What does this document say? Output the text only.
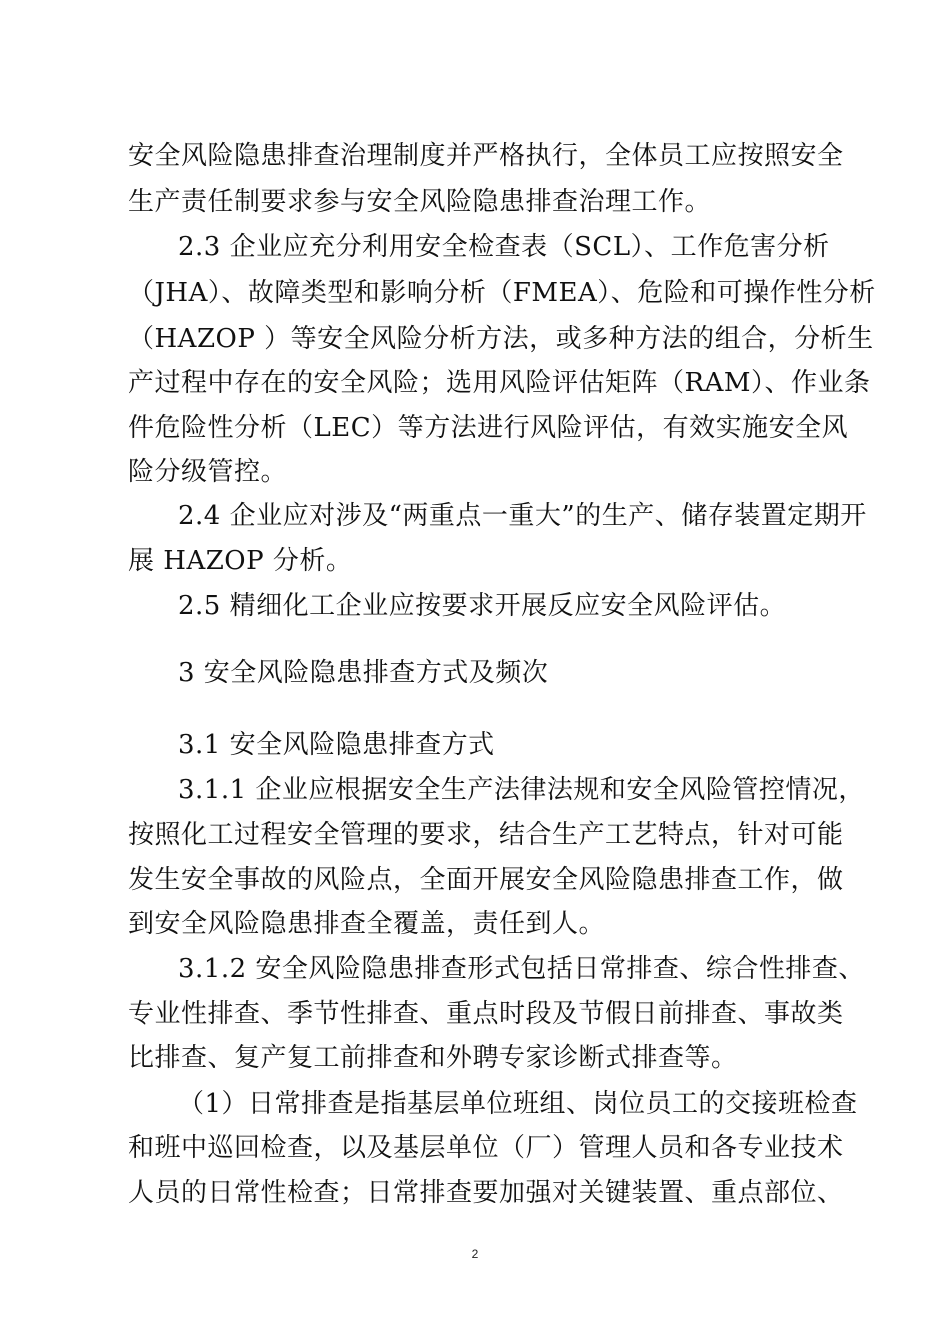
安全风险隐患排查治理制度并严格执行，全体员工应按照安全
生产责任制要求参与安全风险隐患排查治理工作。
2.3 企业应充分利用安全检查表（SCL）、工作危害分析
（JHA）、故障类型和影响分析（FMEA）、危险和可操作性分析
（HAZOP ）等安全风险分析方法，或多种方法的组合，分析生
产过程中存在的安全风险；选用风险评估矩阵（RAM）、作业条
件危险性分析（LEC）等方法进行风险评估，有效实施安全风
险分级管控。
2.4 企业应对涉及“两重点一重大”的生产、储存装置定期开
展 HAZOP 分析。
2.5 精细化工企业应按要求开展反应安全风险评估。
3 安全风险隐患排查方式及频次
3.1 安全风险隐患排查方式
3.1.1 企业应根据安全生产法律法规和安全风险管控情况，
按照化工过程安全管理的要求，结合生产工艺特点，针对可能
发生安全事故的风险点，全面开展安全风险隐患排查工作，做
到安全风险隐患排查全覆盖，责任到人。
3.1.2 安全风险隐患排查形式包括日常排查、综合性排查、
专业性排查、季节性排查、重点时段及节假日前排查、事故类
比排查、复产复工前排查和外聘专家诊断式排查等。
（1）日常排查是指基层单位班组、岗位员工的交接班检查
和班中巡回检查，以及基层单位（厂）管理人员和各专业技术
人员的日常性检查；日常排查要加强对关键装置、重点部位、
2
